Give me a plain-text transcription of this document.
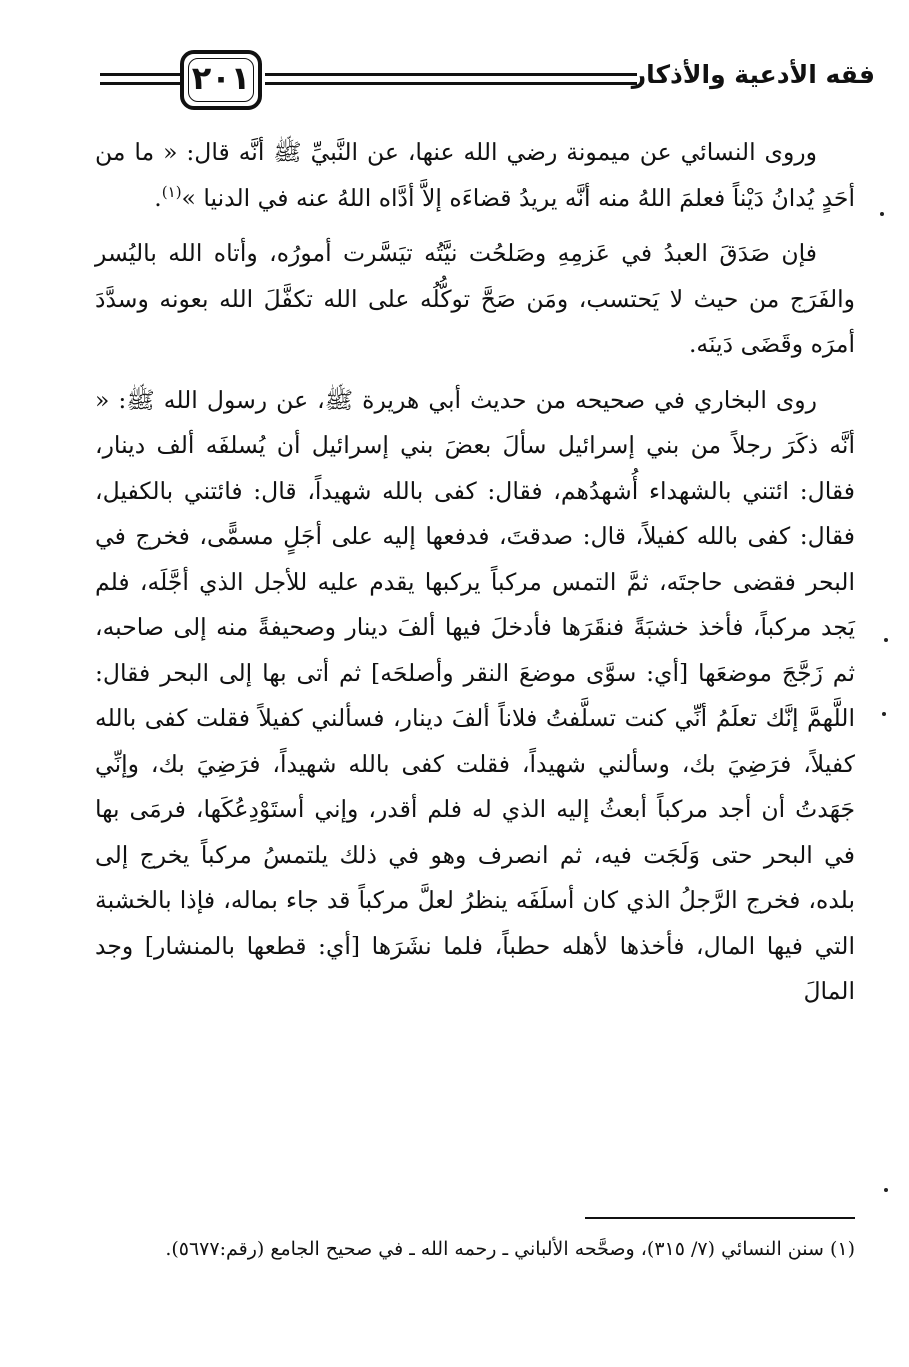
٢٠١	فقه الأدعية والأذكار

وروى النسائي عن ميمونة رضي الله عنها، عن النَّبيِّ ﷺ أنَّه قال: « ما من أحَدٍ يُدانُ دَيْناً فعلمَ اللهُ منه أنَّه يريدُ قضاءَه إلاَّ أدَّاه اللهُ عنه في الدنيا »$^{(١)}$.

فإن صَدَقَ العبدُ في عَزمِهِ وصَلحُت نيَّتُه تيَسَّرت أمورُه، وأتاه الله باليُسر والفَرَج من حيث لا يَحتسب، ومَن صَحَّ توكُّلُه على الله تكفَّلَ الله بعونه وسدَّدَ أمرَه وقَضَى دَينَه.

روى البخاري في صحيحه من حديث أبي هريرة ﷺ، عن رسول الله ﷺ: « أنَّه ذكَرَ رجلاً من بني إسرائيل سألَ بعضَ بني إسرائيل أن يُسلفَه ألف دينار، فقال: ائتني بالشهداء أُشهدُهم، فقال: كفى بالله شهيداً، قال: فائتني بالكفيل، فقال: كفى بالله كفيلاً، قال: صدقتَ، فدفعها إليه على أجَلٍ مسمًّى، فخرج في البحر فقضى حاجتَه، ثمَّ التمس مركباً يركبها يقدم عليه للأجل الذي أجَّلَه، فلم يَجد مركباً، فأخذ خشبَةً فنقَرَها فأدخلَ فيها ألفَ دينار وصحيفةً منه إلى صاحبه، ثم زَجَّجَ موضعَها [أي: سوَّى موضعَ النقر وأصلحَه] ثم أتى بها إلى البحر فقال: اللَّهمَّ إنَّك تعلَمُ أنِّي كنت تسلَّفتُ فلاناً ألفَ دينار، فسألني كفيلاً فقلت كفى بالله كفيلاً، فرَضِيَ بك، وسألني شهيداً، فقلت كفى بالله شهيداً، فرَضِيَ بك، وإنِّي جَهَدتُ أن أجد مركباً أبعثُ إليه الذي له فلم أقدر، وإني أستَوْدِعُكَها، فرمَى بها في البحر حتى وَلَجَت فيه، ثم انصرف وهو في ذلك يلتمسُ مركباً يخرج إلى بلده، فخرج الرَّجلُ الذي كان أسلَفَه ينظرُ لعلَّ مركباً قد جاء بماله، فإذا بالخشبة التي فيها المال، فأخذها لأهله حطباً، فلما نشَرَها [أي: قطعها بالمنشار] وجد المالَ

(١) سنن النسائي (٧/ ٣١٥)، وصحَّحه الألباني ـ رحمه الله ـ في صحيح الجامع (رقم:٥٦٧٧).
